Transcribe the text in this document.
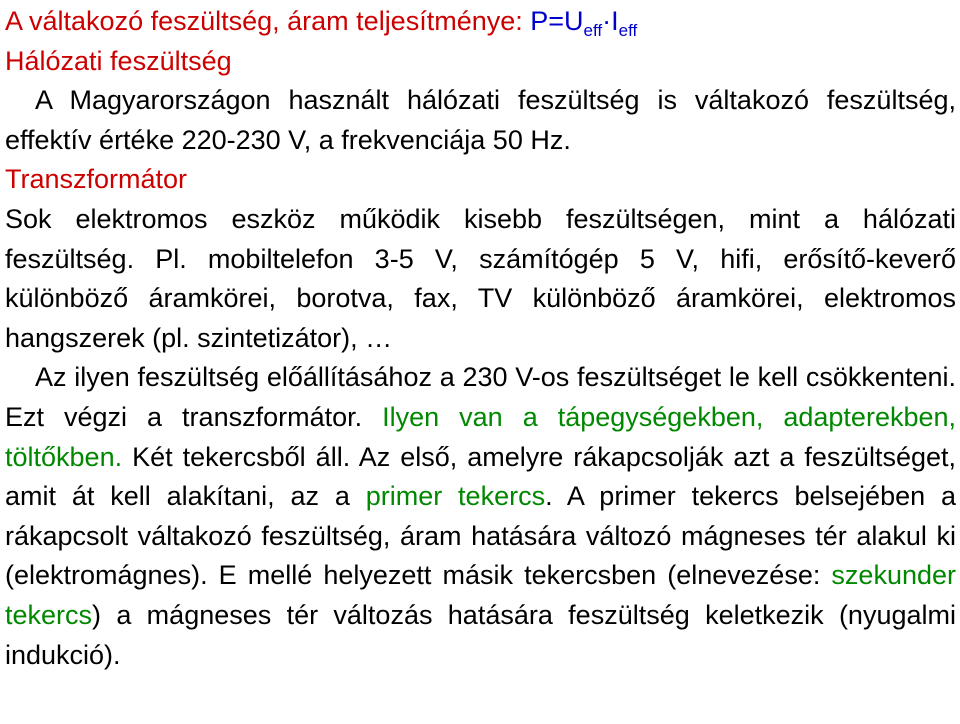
A váltakozó feszültség, áram teljesítménye: $P=U_{eff}\cdot I_{eff}$
Hálózati feszültség
A Magyarországon használt hálózati feszültség is váltakozó feszültség, effektív értéke 220-230 V, a frekvenciája 50 Hz.
Transzformátor
Sok elektromos eszköz működik kisebb feszültségen, mint a hálózati feszültség. Pl. mobiltelefon 3-5 V, számítógép 5 V, hifi, erősítő-keverő különböző áramkörei, borotva, fax, TV különböző áramkörei, elektromos hangszerek (pl. szintetizátor), …
Az ilyen feszültség előállításához a 230 V-os feszültséget le kell csökkenteni. Ezt végzi a transzformátor. Ilyen van a tápegységekben, adapterekben, töltőkben. Két tekercsből áll. Az első, amelyre rákapcsolják azt a feszültséget, amit át kell alakítani, az a primer tekercs. A primer tekercs belsejében a rákapcsolt váltakozó feszültség, áram hatására változó mágneses tér alakul ki (elektromágnes). E mellé helyezett másik tekercsben (elnevezése: szekunder tekercs) a mágneses tér változás hatására feszültség keletkezik (nyugalmi indukció).
